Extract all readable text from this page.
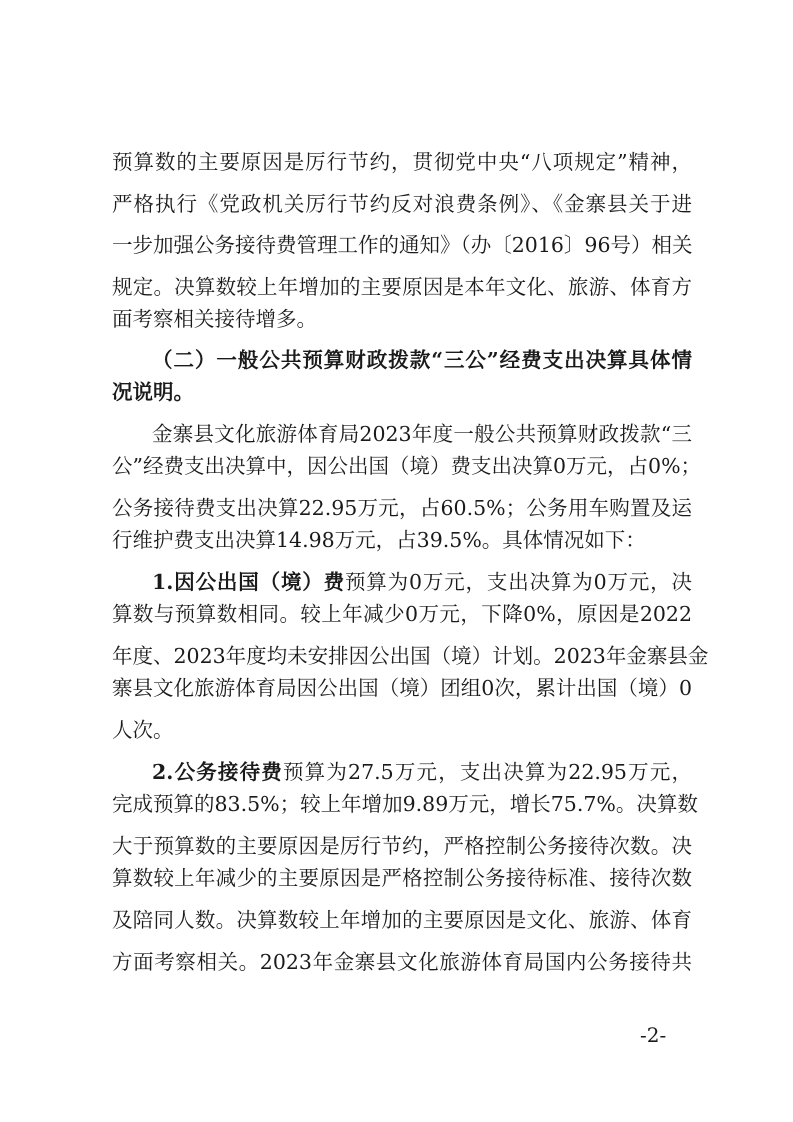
预算数的主要原因是厉行节约，贯彻党中央“八项规定”精神，
严格执行《党政机关厉行节约反对浪费条例》、《金寨县关于进
一步加强公务接待费管理工作的通知》（办〔2016〕96号）相关
规定。决算数较上年增加的主要原因是本年文化、旅游、体育方
面考察相关接待增多。
（二）一般公共预算财政拨款“三公”经费支出决算具体情
况说明。
金寨县文化旅游体育局2023年度一般公共预算财政拨款“三
公”经费支出决算中，因公出国（境）费支出决算0万元，占0%；
公务接待费支出决算22.95万元，占60.5%；公务用车购置及运
行维护费支出决算14.98万元，占39.5%。具体情况如下：
1.因公出国（境）费预算为0万元，支出决算为0万元，决
算数与预算数相同。较上年减少0万元，下降0%，原因是2022
年度、2023年度均未安排因公出国（境）计划。2023年金寨县金
寨县文化旅游体育局因公出国（境）团组0次，累计出国（境）0
人次。
2.公务接待费预算为27.5万元，支出决算为22.95万元，
完成预算的83.5%；较上年增加9.89万元，增长75.7%。决算数
大于预算数的主要原因是厉行节约，严格控制公务接待次数。决
算数较上年减少的主要原因是严格控制公务接待标准、接待次数
及陪同人数。决算数较上年增加的主要原因是文化、旅游、体育
方面考察相关。2023年金寨县文化旅游体育局国内公务接待共
-2-
